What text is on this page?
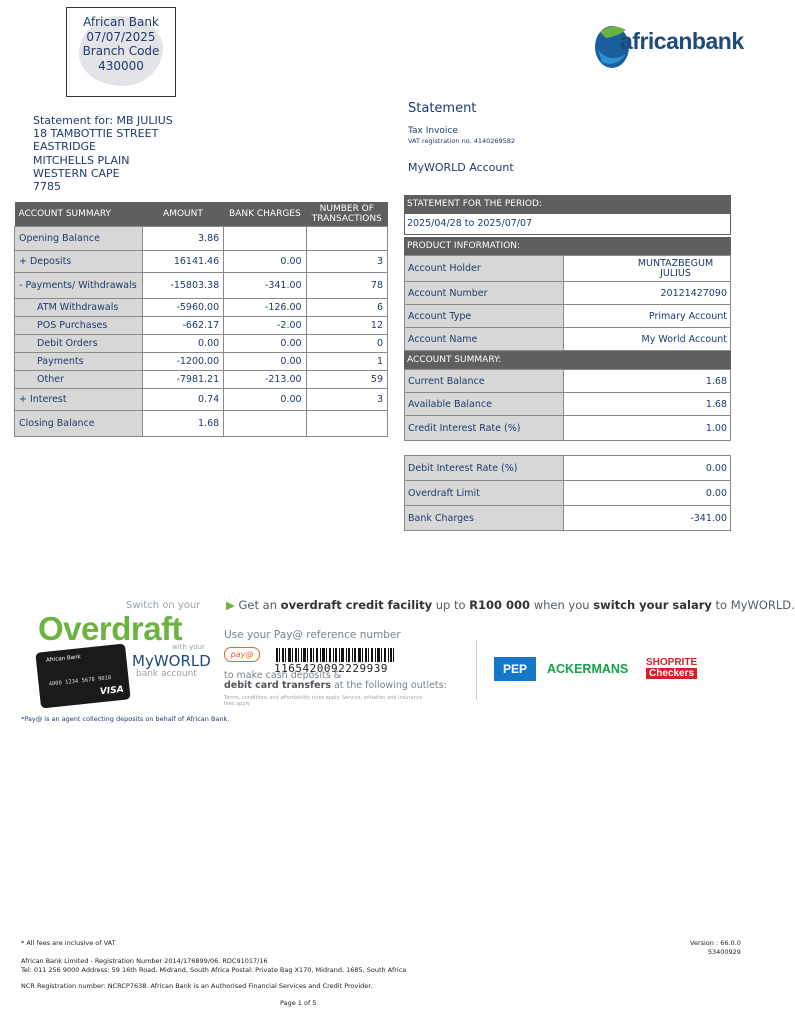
African Bank
07/07/2025
Branch Code
430000
africanbank
Statement for: MB JULIUS
18 TAMBOTTIE STREET
EASTRIDGE
MITCHELLS PLAIN
WESTERN CAPE
7785
Statement
Tax Invoice
VAT registration no. 4140269582
MyWORLD Account
ACCOUNT SUMMARY	AMOUNT	BANK CHARGES	NUMBER OF TRANSACTIONS
Opening Balance	3.86		
+ Deposits	16141.46	0.00	3
- Payments/ Withdrawals	-15803.38	-341.00	78
ATM Withdrawals	-5960.00	-126.00	6
POS Purchases	-662.17	-2.00	12
Debit Orders	0.00	0.00	0
Payments	-1200.00	0.00	1
Other	-7981.21	-213.00	59
+ Interest	0.74	0.00	3
Closing Balance	1.68		
STATEMENT FOR THE PERIOD:
2025/04/28 to 2025/07/07
PRODUCT INFORMATION:
Account Holder	MUNTAZBEGUM JULIUS
Account Number	20121427090
Account Type	Primary Account
Account Name	My World Account
ACCOUNT SUMMARY:
Current Balance	1.68
Available Balance	1.68
Credit Interest Rate (%)	1.00
Debit Interest Rate (%)	0.00
Overdraft Limit	0.00
Bank Charges	-341.00
Switch on your
Overdraft
with your
MyWORLD
bank account
African Bank
4000 1234 5678 9010
VISA
▶ Get an overdraft credit facility up to R100 000 when you switch your salary to MyWORLD.
Use your Pay@ reference number
pay@
1165420092229939
to make cash deposits &
debit card transfers at the following outlets:
Terms, conditions and affordability rules apply. Service, initiation and insurance fees apply.
PEP	ACKERMANS SHOPRITE
Checkers
*Pay@ is an agent collecting deposits on behalf of African Bank.
* All fees are inclusive of VAT
African Bank Limited - Registration Number 2014/176899/06. RDC91017/16
Tel: 011 256 9000 Address: 59 16th Road, Midrand, South Africa Postal: Private Bag X170, Midrand, 1685, South Africa
NCR Registration number: NCRCP7638. African Bank is an Authorised Financial Services and Credit Provider.
Page 1 of 5
Version : 66.0.0
53400929
